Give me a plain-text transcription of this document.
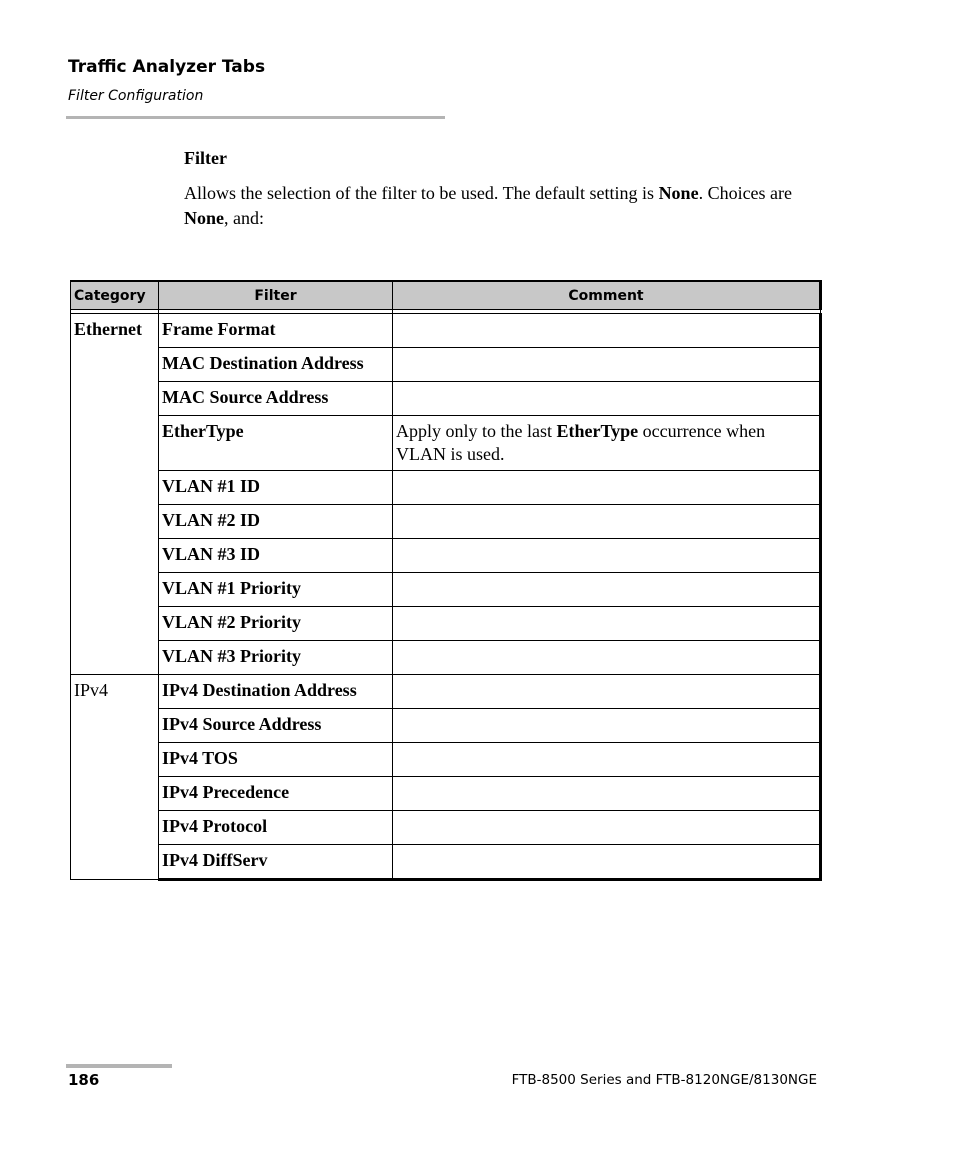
Traffic Analyzer Tabs
Filter Configuration
Filter
Allows the selection of the filter to be used. The default setting is None. Choices are None, and:
Category	Filter	Comment

Ethernet	Frame Format	
	MAC Destination Address	
	MAC Source Address	
	EtherType	Apply only to the last EtherType occurrence when VLAN is used.
	VLAN #1 ID	
	VLAN #2 ID	
	VLAN #3 ID	
	VLAN #1 Priority	
	VLAN #2 Priority	
	VLAN #3 Priority	
IPv4	IPv4 Destination Address	
	IPv4 Source Address	
	IPv4 TOS	
	IPv4 Precedence	
	IPv4 Protocol	
	IPv4 DiffServ	
186	FTB-8500 Series and FTB-8120NGE/8130NGE
